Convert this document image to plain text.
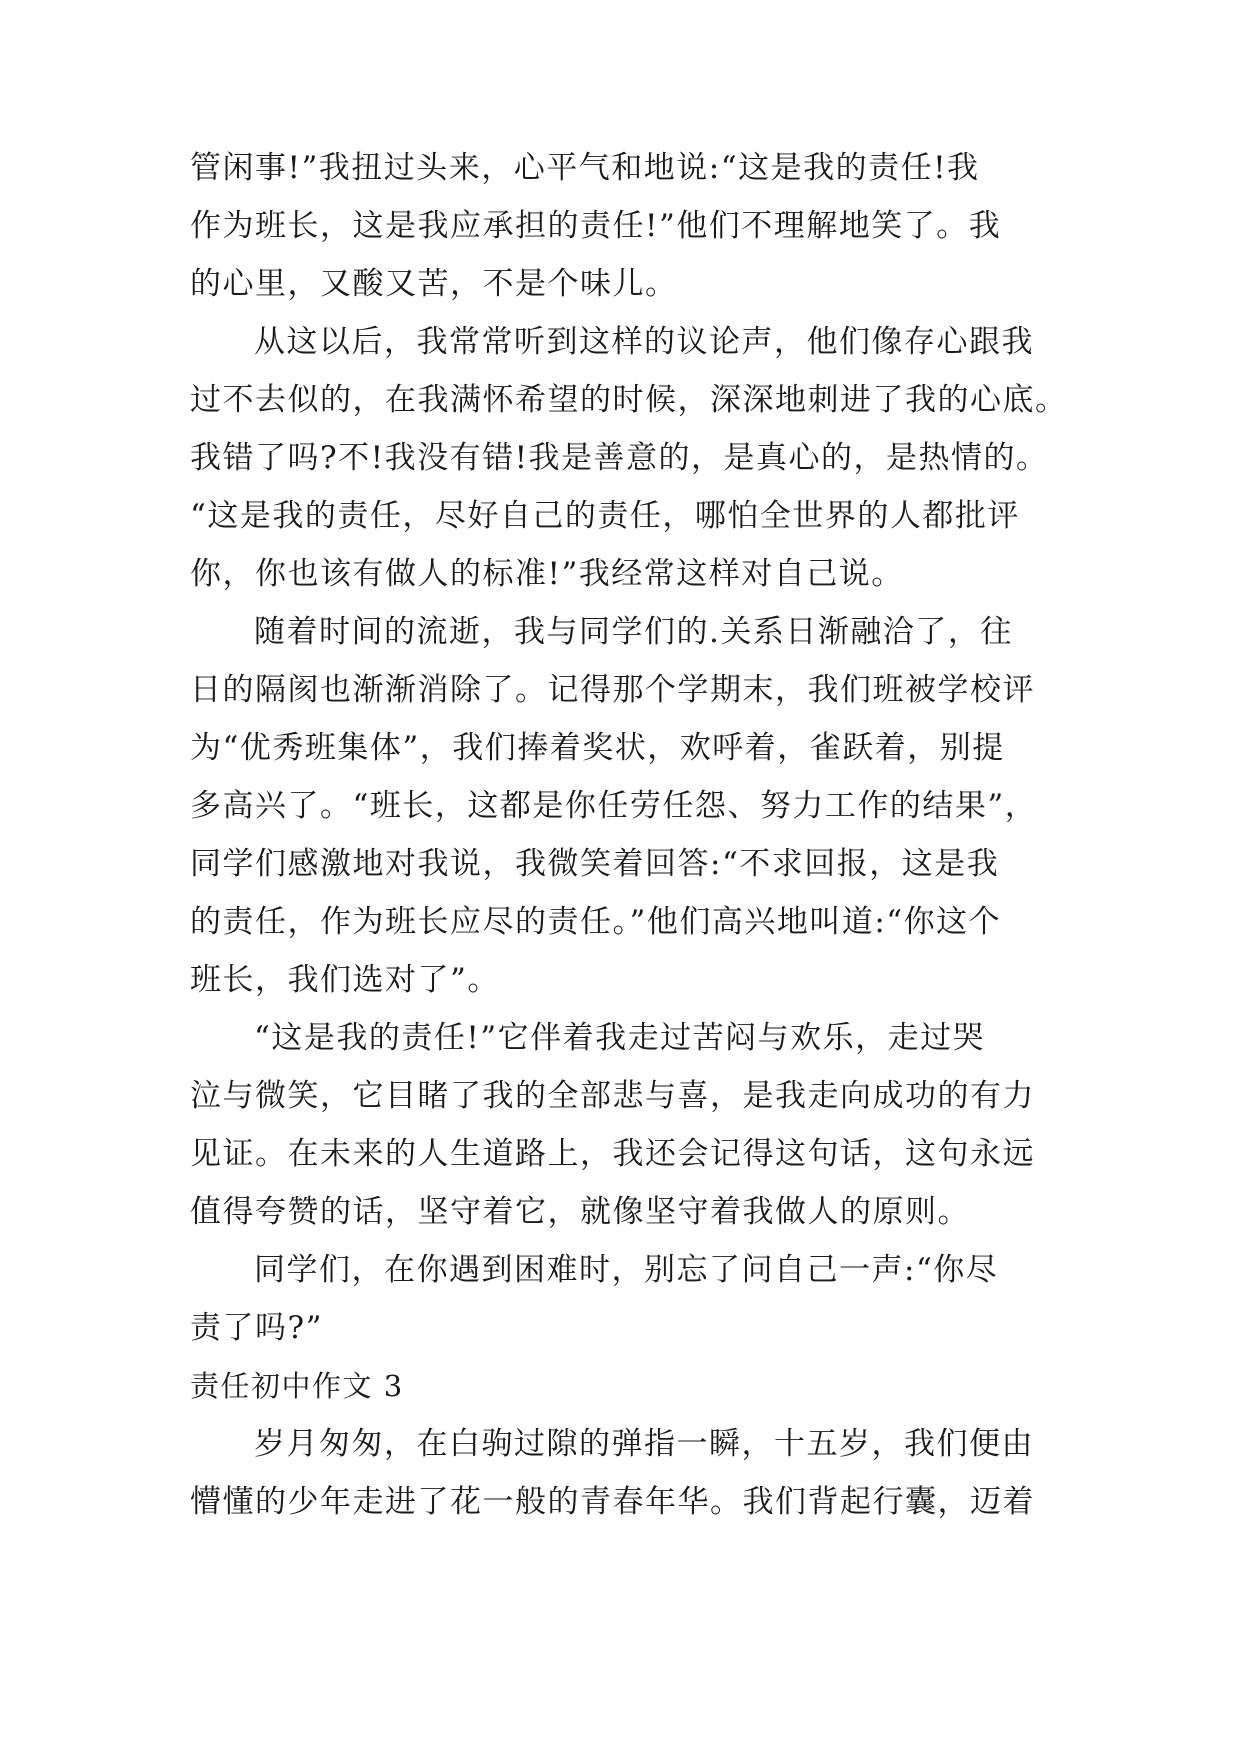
管闲事!”我扭过头来，心平气和地说:“这是我的责任!我
作为班长，这是我应承担的责任!”他们不理解地笑了。我
的心里，又酸又苦，不是个味儿。
从这以后，我常常听到这样的议论声，他们像存心跟我
过不去似的，在我满怀希望的时候，深深地刺进了我的心底。
我错了吗?不!我没有错!我是善意的，是真心的，是热情的。
“这是我的责任，尽好自己的责任，哪怕全世界的人都批评
你，你也该有做人的标准!”我经常这样对自己说。
随着时间的流逝，我与同学们的.关系日渐融洽了，往
日的隔阂也渐渐消除了。记得那个学期末，我们班被学校评
为“优秀班集体”，我们捧着奖状，欢呼着，雀跃着，别提
多高兴了。“班长，这都是你任劳任怨、努力工作的结果”，
同学们感激地对我说，我微笑着回答:“不求回报，这是我
的责任，作为班长应尽的责任。”他们高兴地叫道:“你这个
班长，我们选对了”。
“这是我的责任!”它伴着我走过苦闷与欢乐，走过哭
泣与微笑，它目睹了我的全部悲与喜，是我走向成功的有力
见证。在未来的人生道路上，我还会记得这句话，这句永远
值得夸赞的话，坚守着它，就像坚守着我做人的原则。
同学们，在你遇到困难时，别忘了问自己一声:“你尽
责了吗?”
责任初中作文 3
岁月匆匆，在白驹过隙的弹指一瞬，十五岁，我们便由
懵懂的少年走进了花一般的青春年华。我们背起行囊，迈着
